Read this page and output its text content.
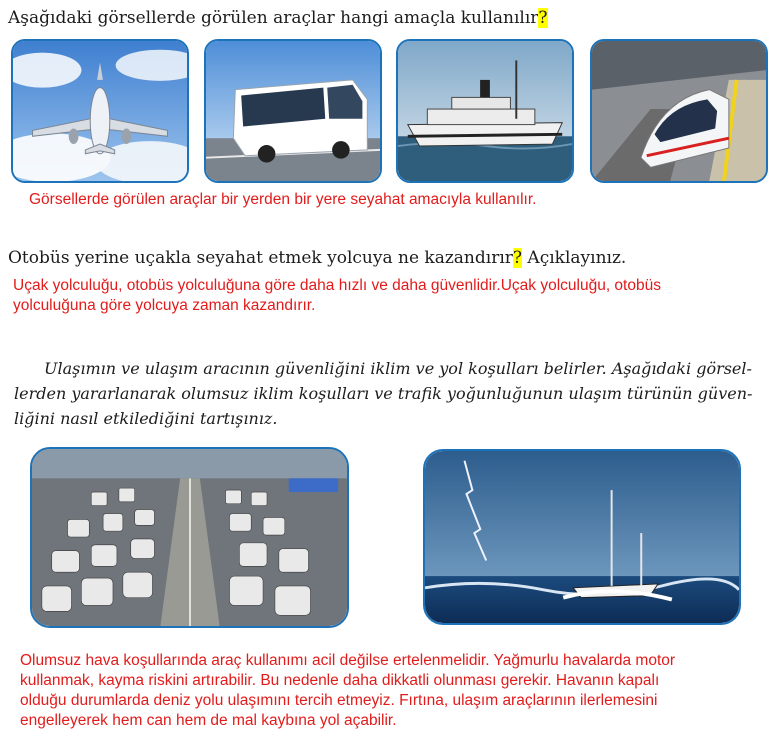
Aşağıdaki görsellerde görülen araçlar hangi amaçla kullanılır?
Görsellerde görülen araçlar bir yerden bir yere seyahat amacıyla kullanılır.
Otobüs yerine uçakla seyahat etmek yolcuya ne kazandırır? Açıklayınız.
Uçak yolculuğu, otobüs yolculuğuna göre daha hızlı ve daha güvenlidir.Uçak yolculuğu, otobüs
yolculuğuna göre yolcuya zaman kazandırır.
Ulaşımın ve ulaşım aracının güvenliğini iklim ve yol koşulları belirler. Aşağıdaki görsel-
lerden yararlanarak olumsuz iklim koşulları ve trafik yoğunluğunun ulaşım türünün güven-
liğini nasıl etkilediğini tartışınız.
Olumsuz hava koşullarında araç kullanımı acil değilse ertelenmelidir. Yağmurlu havalarda motor
kullanmak, kayma riskini artırabilir. Bu nedenle daha dikkatli olunması gerekir. Havanın kapalı
olduğu durumlarda deniz yolu ulaşımını tercih etmeyiz. Fırtına, ulaşım araçlarının ilerlemesini
engelleyerek hem can hem de mal kaybına yol açabilir.
